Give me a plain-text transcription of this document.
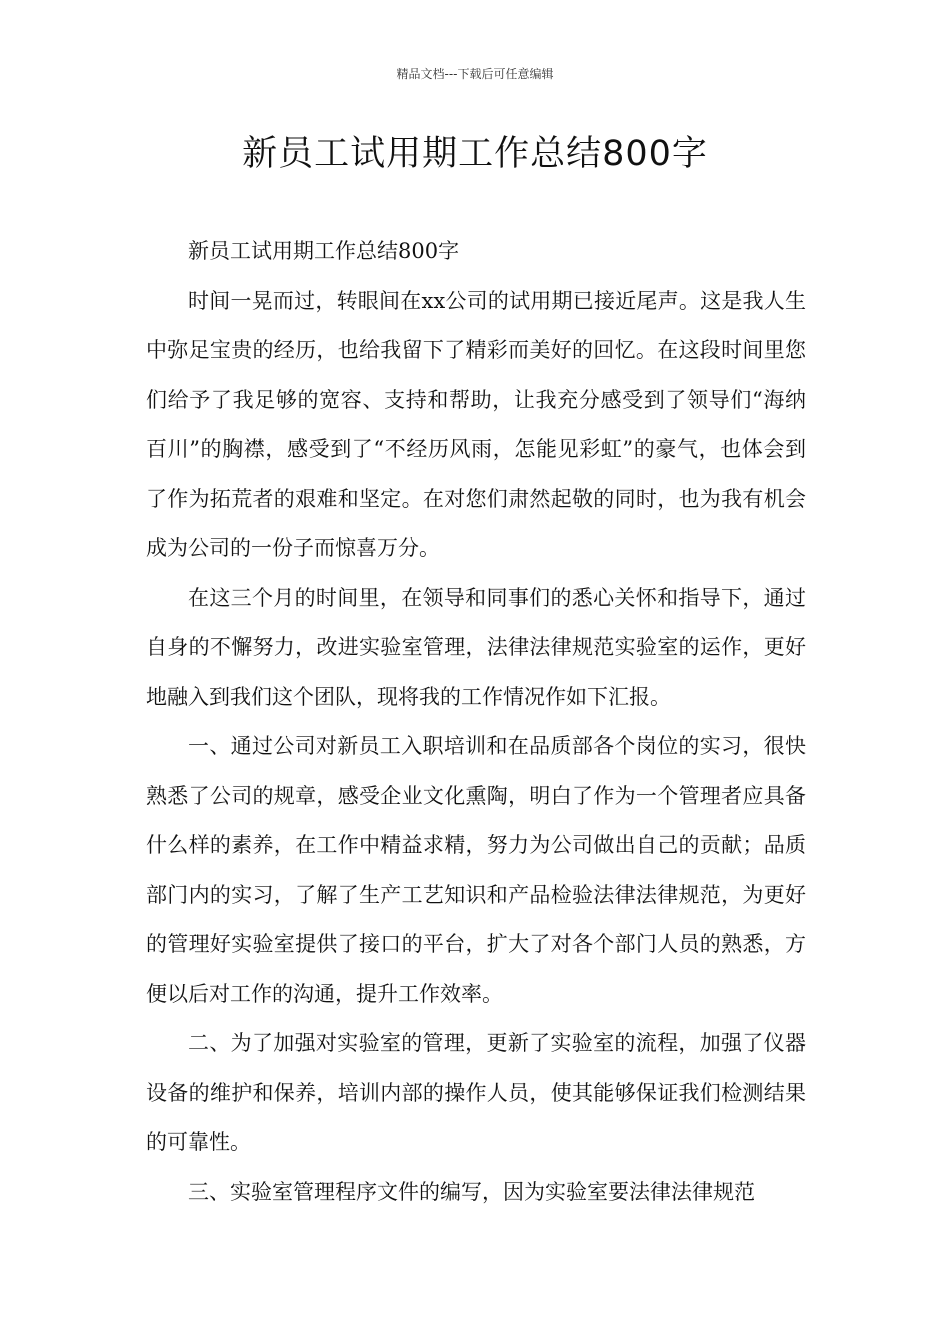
精品文档---下载后可任意编辑
新员工试用期工作总结800字

新员工试用期工作总结800字

时间一晃而过，转眼间在xx公司的试用期已接近尾声。这是我人生中弥足宝贵的经历，也给我留下了精彩而美好的回忆。在这段时间里您们给予了我足够的宽容、支持和帮助，让我充分感受到了领导们“海纳百川”的胸襟，感受到了“不经历风雨，怎能见彩虹”的豪气，也体会到了作为拓荒者的艰难和坚定。在对您们肃然起敬的同时，也为我有机会成为公司的一份子而惊喜万分。

在这三个月的时间里，在领导和同事们的悉心关怀和指导下，通过自身的不懈努力，改进实验室管理，法律法律规范实验室的运作，更好地融入到我们这个团队，现将我的工作情况作如下汇报。

一、通过公司对新员工入职培训和在品质部各个岗位的实习，很快熟悉了公司的规章，感受企业文化熏陶，明白了作为一个管理者应具备什么样的素养，在工作中精益求精，努力为公司做出自己的贡献；品质部门内的实习，了解了生产工艺知识和产品检验法律法律规范，为更好的管理好实验室提供了接口的平台，扩大了对各个部门人员的熟悉，方便以后对工作的沟通，提升工作效率。

二、为了加强对实验室的管理，更新了实验室的流程，加强了仪器设备的维护和保养，培训内部的操作人员，使其能够保证我们检测结果的可靠性。

三、实验室管理程序文件的编写，因为实验室要法律法律规范
